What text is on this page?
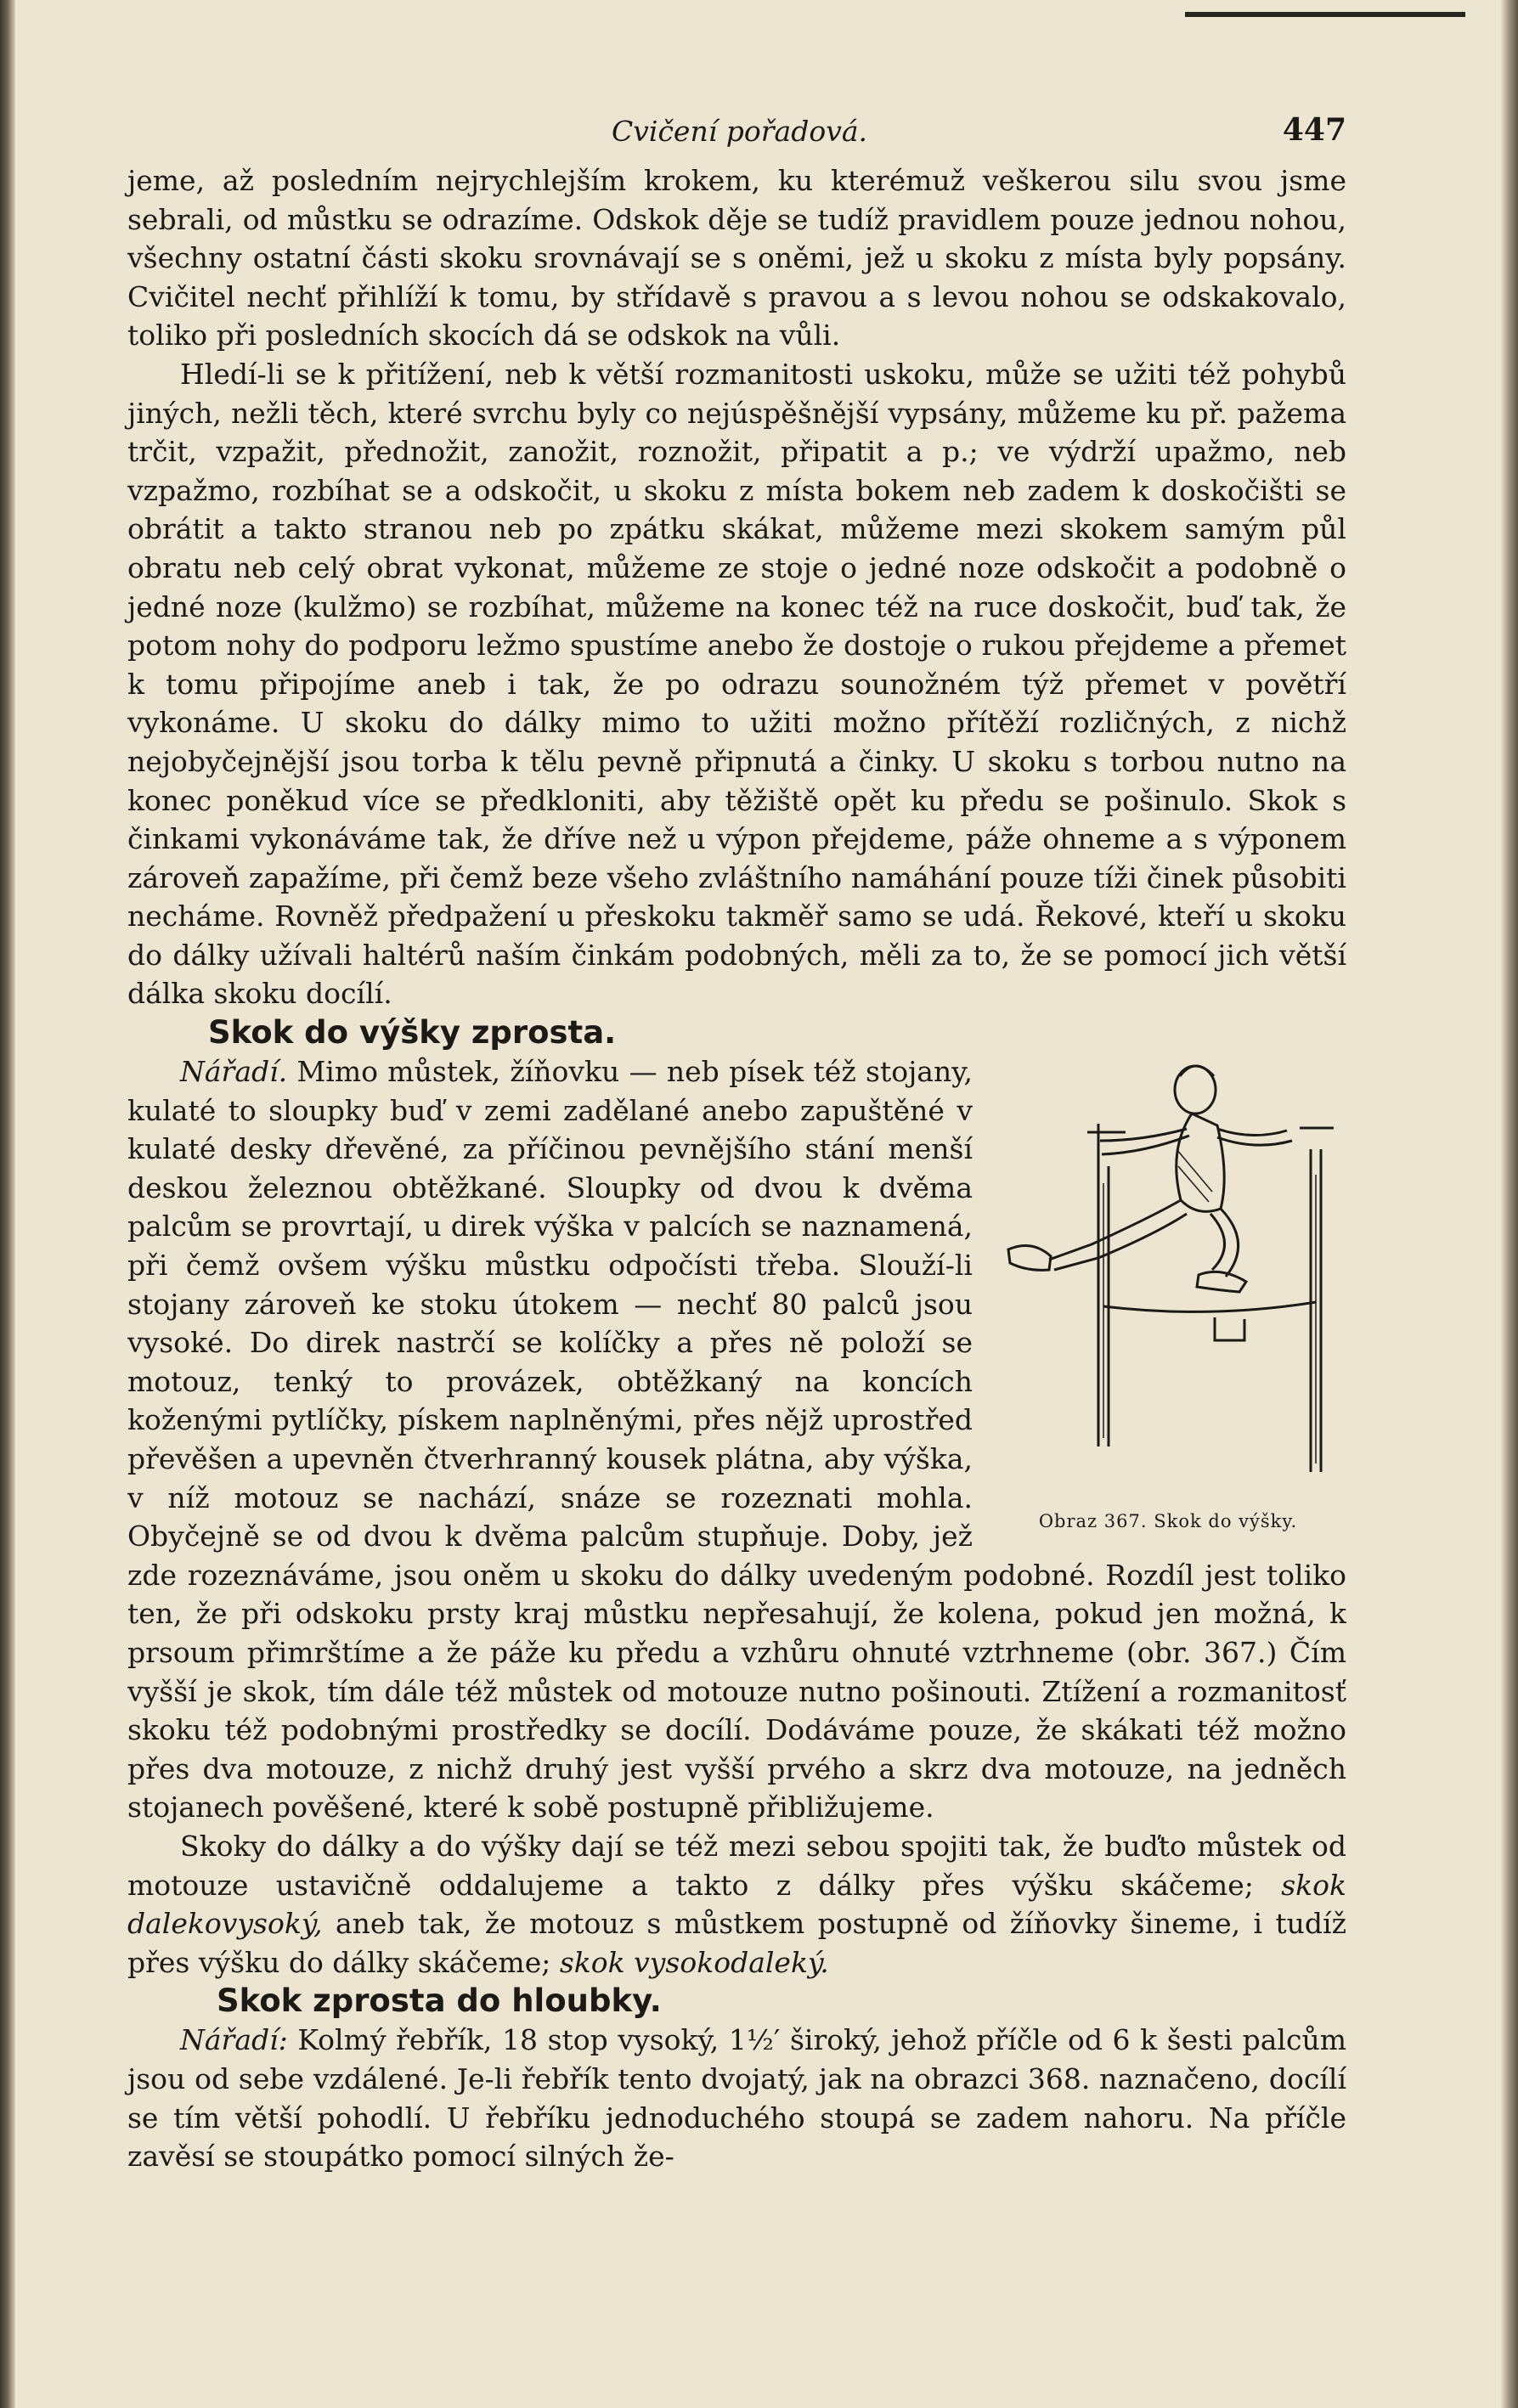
Cvičení pořadová.	447

jeme, až posledním nejrychlejším krokem, ku kterémuž veškerou silu svou jsme sebrali, od můstku se odrazíme. Odskok děje se tudíž pravidlem pouze jednou nohou, všechny ostatní části skoku srovnávají se s oněmi, jež u skoku z místa byly popsány. Cvičitel nechť přihlíží k tomu, by střídavě s pravou a s levou nohou se odskakovalo, toliko při posledních skocích dá se odskok na vůli.

Hledí-li se k přitížení, neb k větší rozmanitosti uskoku, může se užiti též pohybů jiných, nežli těch, které svrchu byly co nejúspěšnější vypsány, můžeme ku př. pažema trčit, vzpažit, přednožit, zanožit, roznožit, připatit a p.; ve výdrží upažmo, neb vzpažmo, rozbíhat se a odskočit, u skoku z místa bokem neb zadem k doskočišti se obrátit a takto stranou neb po zpátku skákat, můžeme mezi skokem samým půl obratu neb celý obrat vykonat, můžeme ze stoje o jedné noze odskočit a podobně o jedné noze (kulžmo) se rozbíhat, můžeme na konec též na ruce doskočit, buď tak, že potom nohy do podporu ležmo spustíme anebo že dostoje o rukou přejdeme a přemet k tomu připojíme aneb i tak, že po odrazu sounožném týž přemet v povětří vykonáme. U skoku do dálky mimo to užiti možno přítěží rozličných, z nichž nejobyčejnější jsou torba k tělu pevně připnutá a činky. U skoku s torbou nutno na konec poněkud více se předkloniti, aby těžiště opět ku předu se pošinulo. Skok s činkami vykonáváme tak, že dříve než u výpon přejdeme, páže ohneme a s výponem zároveň zapažíme, při čemž beze všeho zvláštního namáhání pouze tíži činek působiti necháme. Rovněž předpažení u přeskoku takměř samo se udá. Řekové, kteří u skoku do dálky užívali haltérů naším činkám podobných, měli za to, že se pomocí jich větší dálka skoku docílí.

Obraz 367. Skok do výšky.
Skok do výšky zprosta.

Nářadí. Mimo můstek, žíňovku — neb písek též stojany, kulaté to sloupky buď v zemi zadělané anebo zapuštěné v kulaté desky dřevěné, za příčinou pevnějšího stání menší deskou železnou obtěžkané. Sloupky od dvou k dvěma palcům se provrtají, u direk výška v palcích se naznamená, při čemž ovšem výšku můstku odpočísti třeba. Slouží-li stojany zároveň ke stoku útokem — nechť 80 palců jsou vysoké. Do direk nastrčí se kolíčky a přes ně položí se motouz, tenký to provázek, obtěžkaný na koncích koženými pytlíčky, pískem naplněnými, přes nějž uprostřed převěšen a upevněn čtverhranný kousek plátna, aby výška, v níž motouz se nachází, snáze se rozeznati mohla. Obyčejně se od dvou k dvěma palcům stupňuje. Doby, jež zde rozeznáváme, jsou oněm u skoku do dálky uvedeným podobné. Rozdíl jest toliko ten, že při odskoku prsty kraj můstku nepřesahují, že kolena, pokud jen možná, k prsoum přimrštíme a že páže ku předu a vzhůru ohnuté vztrhneme (obr. 367.) Čím vyšší je skok, tím dále též můstek od motouze nutno pošinouti. Ztížení a rozmanitosť skoku též podobnými prostředky se docílí. Dodáváme pouze, že skákati též možno přes dva motouze, z nichž druhý jest vyšší prvého a skrz dva motouze, na jedněch stojanech pověšené, které k sobě postupně přibližujeme.

Skoky do dálky a do výšky dají se též mezi sebou spojiti tak, že buďto můstek od motouze ustavičně oddalujeme a takto z dálky přes výšku skáčeme; skok dalekovysoký, aneb tak, že motouz s můstkem postupně od žíňovky šineme, i tudíž přes výšku do dálky skáčeme; skok vysokodaleký.

Skok zprosta do hloubky.

Nářadí: Kolmý řebřík, 18 stop vysoký, 1½′ široký, jehož příčle od 6 k šesti palcům jsou od sebe vzdálené. Je-li řebřík tento dvojatý, jak na obrazci 368. naznačeno, docílí se tím větší pohodlí. U řebříku jednoduchého stoupá se zadem nahoru. Na příčle zavěsí se stoupátko pomocí silných že-
